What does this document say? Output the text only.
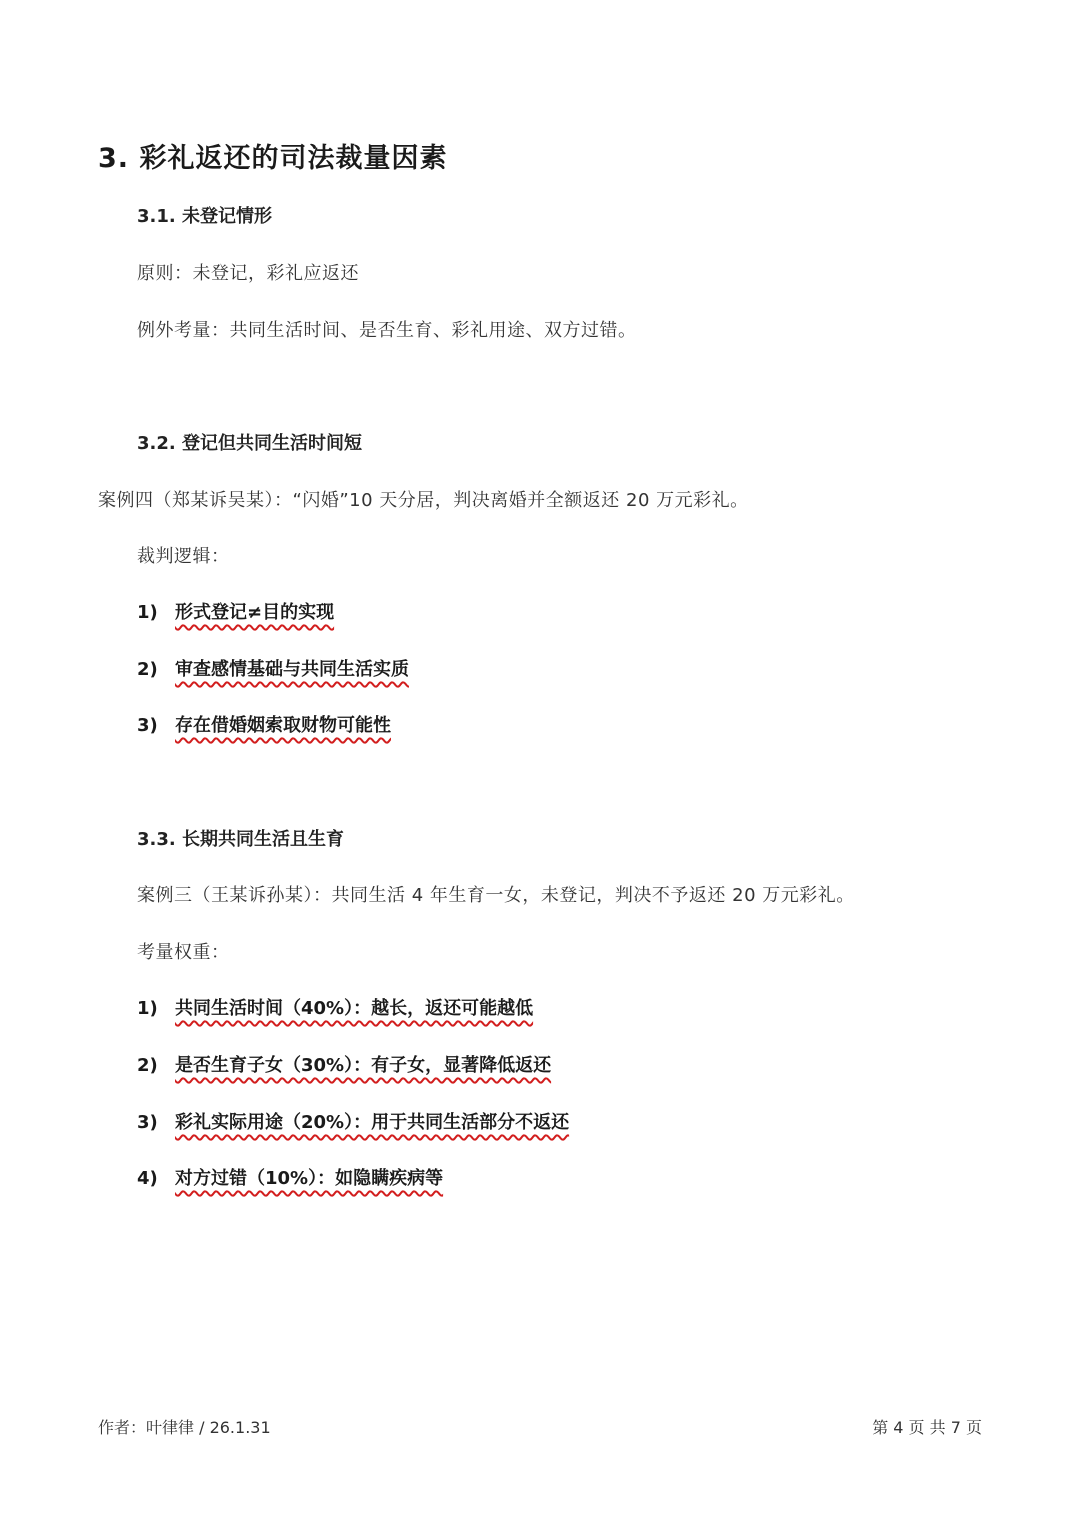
3. 彩礼返还的司法裁量因素
3.1. 未登记情形
原则：未登记，彩礼应返还
例外考量：共同生活时间、是否生育、彩礼用途、双方过错。
3.2. 登记但共同生活时间短
案例四（郑某诉吴某）：“闪婚”10 天分居，判决离婚并全额返还 20 万元彩礼。
裁判逻辑：
1) 形式登记≠目的实现
2) 审查感情基础与共同生活实质
3) 存在借婚姻索取财物可能性
3.3. 长期共同生活且生育
案例三（王某诉孙某）：共同生活 4 年生育一女，未登记，判决不予返还 20 万元彩礼。
考量权重：
1) 共同生活时间（40%）：越长，返还可能越低
2) 是否生育子女（30%）：有子女，显著降低返还
3) 彩礼实际用途（20%）：用于共同生活部分不返还
4) 对方过错（10%）：如隐瞒疾病等
作者：叶律律 / 26.1.31	第 4 页 共 7 页
